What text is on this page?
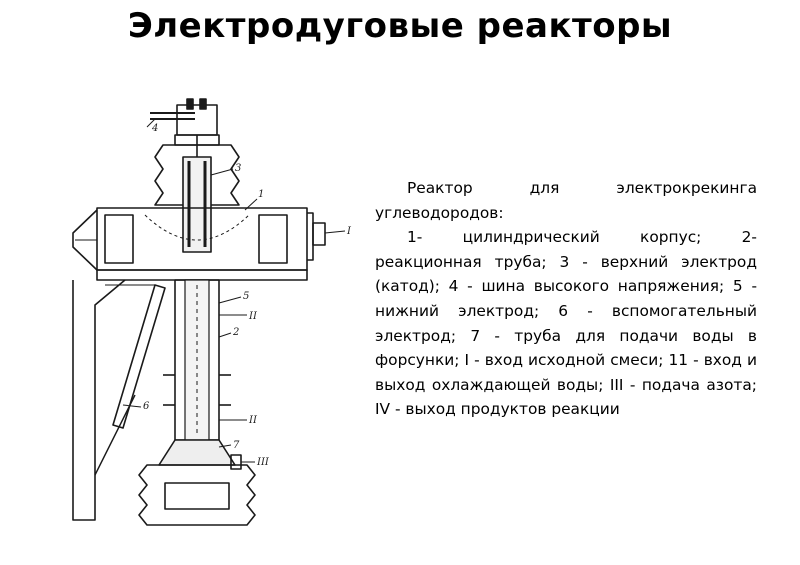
Электродуговые реакторы
4
3
1
I
5
II
2
6
II
7
III

Реактор для электрокрекинга углеводородов:

1- цилиндрический корпус; 2- реакционная труба; 3 - верхний электрод (катод); 4 - шина высокого напряжения; 5 - нижний электрод; 6 - вспомогательный электрод; 7 - труба для подачи воды в форсунки; I - вход исходной смеси; 11 - вход и выход охлаждающей воды; III - подача азота; IV - выход продуктов реакции
